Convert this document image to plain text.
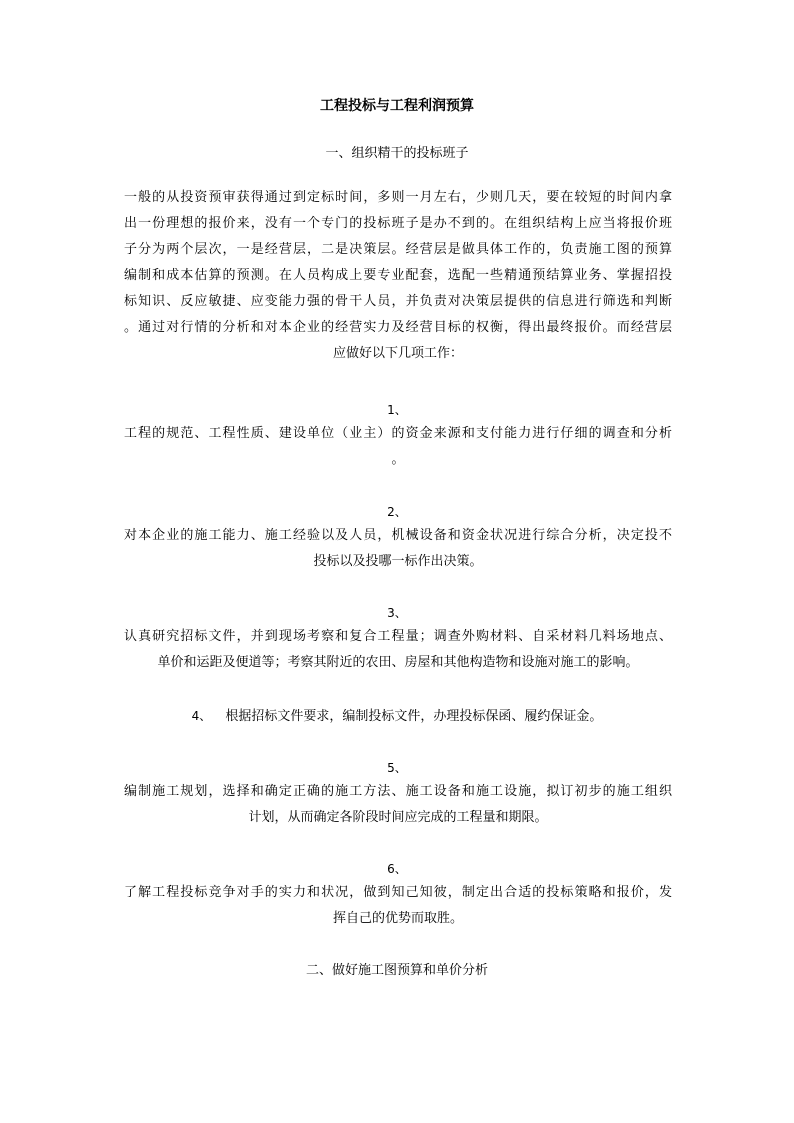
工程投标与工程利润预算
一、组织精干的投标班子
一般的从投资预审获得通过到定标时间，多则一月左右，少则几天，要在较短的时间内拿
出一份理想的报价来，没有一个专门的投标班子是办不到的。在组织结构上应当将报价班
子分为两个层次，一是经营层，二是决策层。经营层是做具体工作的，负责施工图的预算
编制和成本估算的预测。在人员构成上要专业配套，选配一些精通预结算业务、掌握招投
标知识、反应敏捷、应变能力强的骨干人员，并负责对决策层提供的信息进行筛选和判断
。通过对行情的分析和对本企业的经营实力及经营目标的权衡，得出最终报价。而经营层
应做好以下几项工作：
1、
工程的规范、工程性质、建设单位（业主）的资金来源和支付能力进行仔细的调查和分析
。
2、
对本企业的施工能力、施工经验以及人员，机械设备和资金状况进行综合分析，决定投不
投标以及投哪一标作出决策。
3、
认真研究招标文件，并到现场考察和复合工程量；调查外购材料、自采材料几料场地点、
单价和运距及便道等；考察其附近的农田、房屋和其他构造物和设施对施工的影响。
4、 根据招标文件要求，编制投标文件，办理投标保函、履约保证金。
5、
编制施工规划，选择和确定正确的施工方法、施工设备和施工设施，拟订初步的施工组织
计划，从而确定各阶段时间应完成的工程量和期限。
6、
了解工程投标竞争对手的实力和状况，做到知己知彼，制定出合适的投标策略和报价，发
挥自己的优势而取胜。
二、做好施工图预算和单价分析
